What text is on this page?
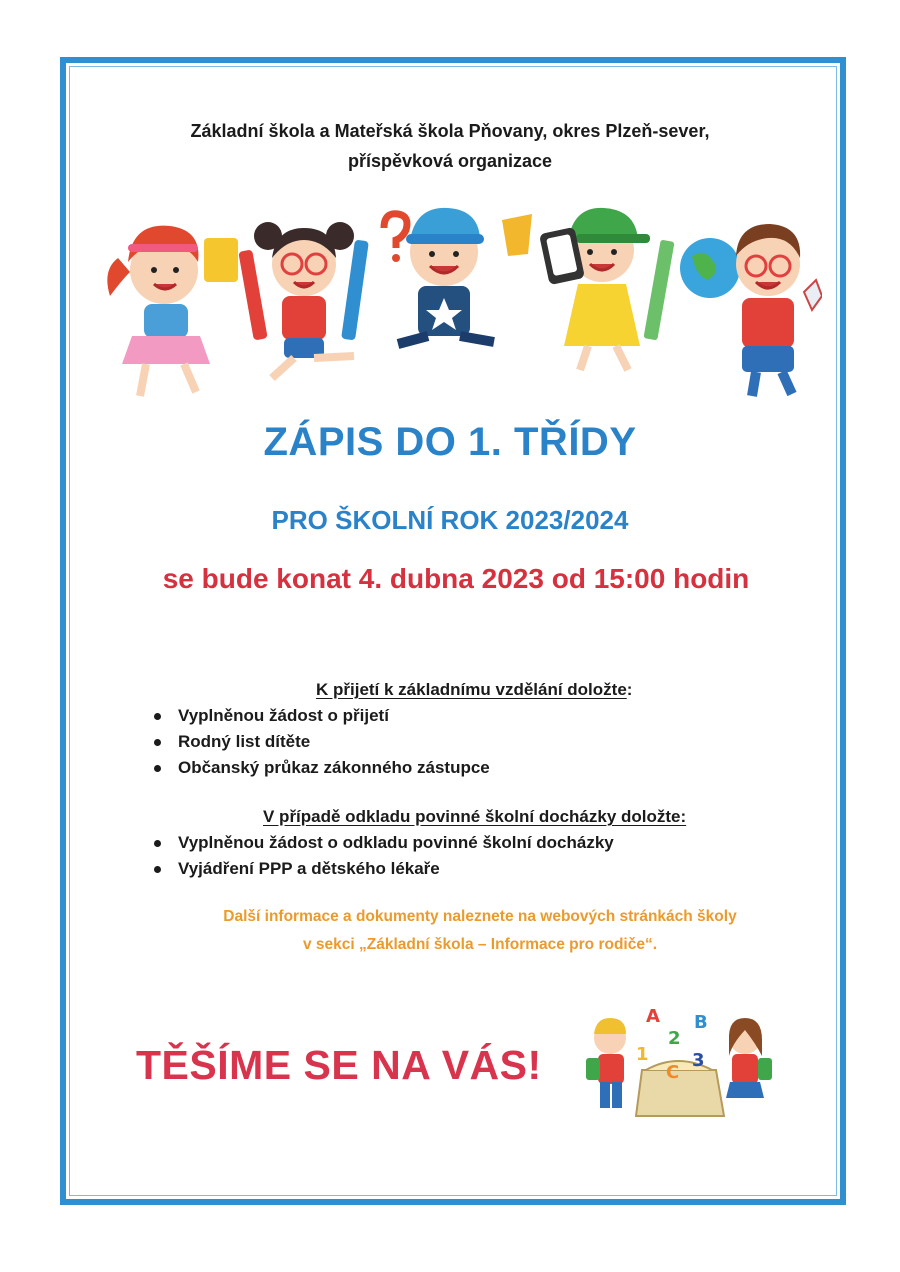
Základní škola a Mateřská škola Pňovany, okres Plzeň-sever,
příspěvková organizace
ZÁPIS DO 1. TŘÍDY
PRO ŠKOLNÍ ROK 2023/2024
se bude konat 4. dubna 2023 od 15:00 hodin
K přijetí k základnímu vzdělání doložte:
Vyplněnou žádost o přijetí
Rodný list dítěte
Občanský průkaz zákonného zástupce
V případě odkladu povinné školní docházky doložte:
Vyplněnou žádost o odkladu povinné školní docházky
Vyjádření PPP a dětského lékaře
Další informace a dokumenty naleznete na webových stránkách školy
v sekci „Základní škola – Informace pro rodiče“.
TĚŠÍME SE NA VÁS!
A B
1
2
C
3
